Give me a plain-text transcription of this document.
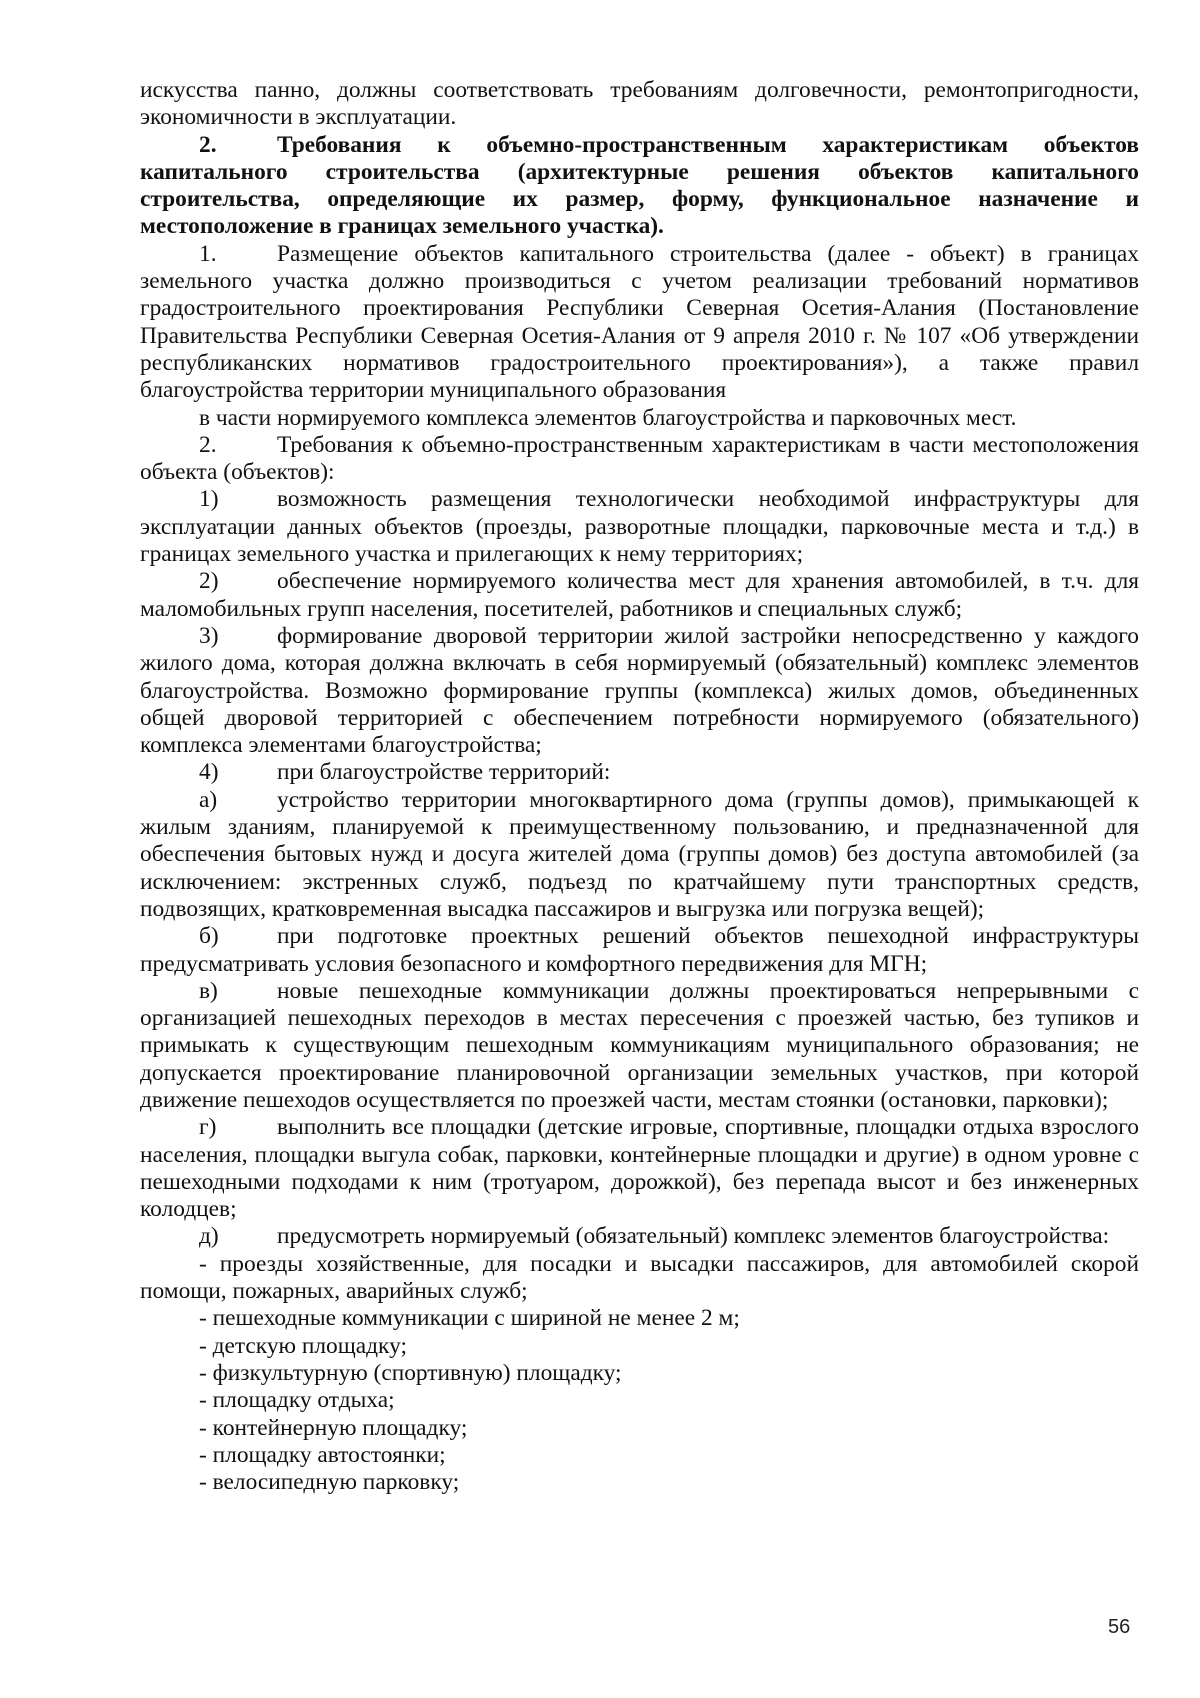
искусства панно, должны соответствовать требованиям долговечности, ремонтопригодности, экономичности в эксплуатации.

2.	Требования к объемно-пространственным характеристикам объектов капитального строительства (архитектурные решения объектов капитального строительства, определяющие их размер, форму, функциональное назначение и местоположение в границах земельного участка).

1.	Размещение объектов капитального строительства (далее - объект) в границах земельного участка должно производиться с учетом реализации требований нормативов градостроительного проектирования Республики Северная Осетия-Алания (Постановление Правительства Республики Северная Осетия-Алания от 9 апреля 2010 г. № 107 «Об утверждении республиканских нормативов градостроительного проектирования»), а также правил благоустройства территории муниципального образования

в части нормируемого комплекса элементов благоустройства и парковочных мест.

2.	Требования к объемно-пространственным характеристикам в части местоположения объекта (объектов):

1)	возможность размещения технологически необходимой инфраструктуры для эксплуатации данных объектов (проезды, разворотные площадки, парковочные места и т.д.) в границах земельного участка и прилегающих к нему территориях;

2)	обеспечение нормируемого количества мест для хранения автомобилей, в т.ч. для маломобильных групп населения, посетителей, работников и специальных служб;

3)	формирование дворовой территории жилой застройки непосредственно у каждого жилого дома, которая должна включать в себя нормируемый (обязательный) комплекс элементов благоустройства. Возможно формирование группы (комплекса) жилых домов, объединенных общей дворовой территорией с обеспечением потребности нормируемого (обязательного) комплекса элементами благоустройства;

4)	при благоустройстве территорий:

а)	устройство территории многоквартирного дома (группы домов), примыкающей к жилым зданиям, планируемой к преимущественному пользованию, и предназначенной для обеспечения бытовых нужд и досуга жителей дома (группы домов) без доступа автомобилей (за исключением: экстренных служб, подъезд по кратчайшему пути транспортных средств, подвозящих, кратковременная высадка пассажиров и выгрузка или погрузка вещей);

б) при подготовке проектных решений объектов пешеходной инфраструктуры предусматривать условия безопасного и комфортного передвижения для МГН;

в)	новые пешеходные коммуникации должны проектироваться непрерывными с организацией пешеходных переходов в местах пересечения с проезжей частью, без тупиков и примыкать к существующим пешеходным коммуникациям муниципального образования; не допускается проектирование планировочной организации земельных участков, при которой движение пешеходов осуществляется по проезжей части, местам стоянки (остановки, парковки);

г)	выполнить все площадки (детские игровые, спортивные, площадки отдыха взрослого населения, площадки выгула собак, парковки, контейнерные площадки и другие) в одном уровне с пешеходными подходами к ним (тротуаром, дорожкой), без перепада высот и без инженерных колодцев;

д) предусмотреть нормируемый (обязательный) комплекс элементов благоустройства:

- проезды хозяйственные, для посадки и высадки пассажиров, для автомобилей скорой помощи, пожарных, аварийных служб;

- пешеходные коммуникации с шириной не менее 2 м;

- детскую площадку;

- физкультурную (спортивную) площадку;

- площадку отдыха;

- контейнерную площадку;

- площадку автостоянки;

- велосипедную парковку;

56
